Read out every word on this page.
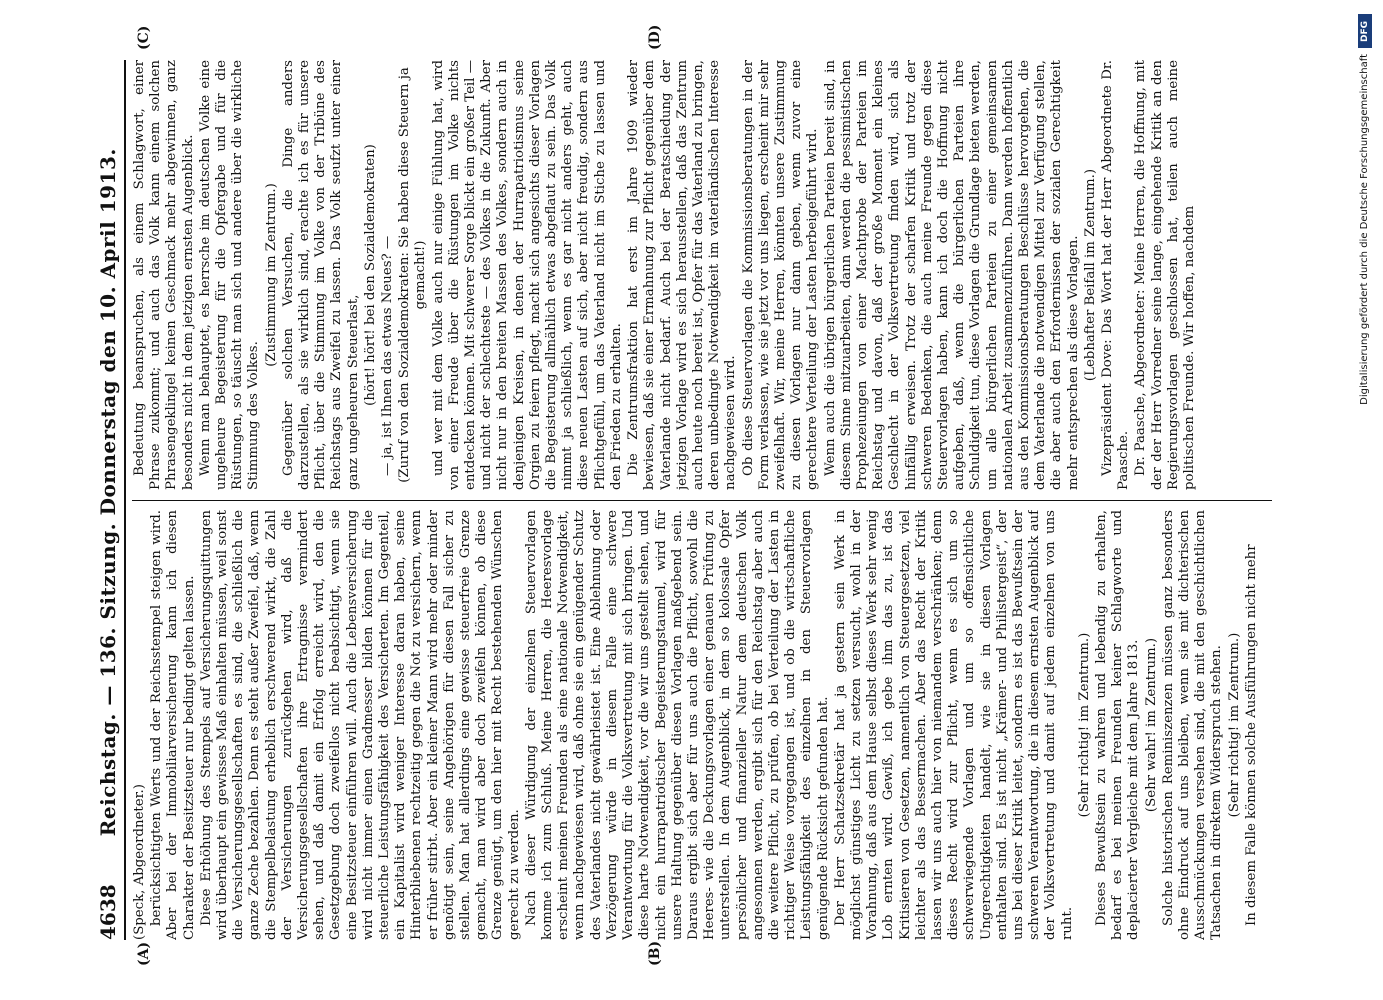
4638
Reichstag. — 136. Sitzung. Donnerstag den 10. April 1913.
(A)	(B)
(C)	(D)

(Speck, Abgeordneter.) berücksichtigten Werts und der Reichsstempel steigen wird. Aber bei der Immobiliarversicherung kann ich diesen Charakter der Besitzsteuer nur bedingt gelten lassen. Diese Erhöhung des Stempels auf Versicherungsquittungen wird überhaupt ein gewisses Maß einhalten müssen, weil sonst die Versicherungsgesellschaften es sind, die schließlich die ganze Zeche bezahlen. Denn es steht außer Zweifel, daß, wenn die Stempelbelastung erheblich erschwerend wirkt, die Zahl der Versicherungen zurückgehen wird, daß die Versicherungsgesellschaften ihre Ertragnisse vermindert sehen, und daß damit ein Erfolg erreicht wird, den die Gesetzgebung doch zweifellos nicht beabsichtigt, wenn sie eine Besitzsteuer einführen will. Auch die Lebensversicherung wird nicht immer einen Gradmesser bilden können für die steuerliche Leistungsfähigkeit des Versicherten. Im Gegenteil, ein Kapitalist wird weniger Interesse daran haben, seine Hinterbliebenen rechtzeitig gegen die Not zu versichern, wenn er früher stirbt. Aber ein kleiner Mann wird mehr oder minder genötigt sein, seine Angehörigen für diesen Fall sicher zu stellen. Man hat allerdings eine gewisse steuerfreie Grenze gemacht, man wird aber doch zweifeln können, ob diese Grenze genügt, um den hier mit Recht bestehenden Wünschen gerecht zu werden. Nach dieser Würdigung der einzelnen Steuervorlagen komme ich zum Schluß. Meine Herren, die Heeresvorlage erscheint meinen Freunden als eine nationale Notwendigkeit, wenn nachgewiesen wird, daß ohne sie ein genügender Schutz des Vaterlandes nicht gewährleistet ist. Eine Ablehnung oder Verzögerung würde in diesem Falle eine schwere Verantwortung für die Volksvertretung mit sich bringen. Und diese harte Notwendigkeit, vor die wir uns gestellt sehen, und nicht ein hurrapatriotischer Begeisterungstaumel, wird für unsere Haltung gegenüber diesen Vorlagen maßgebend sein. Daraus ergibt sich aber für uns auch die Pflicht, sowohl die Heeres- wie die Deckungsvorlagen einer genauen Prüfung zu unterstellen. In dem Augenblick, in dem so kolossale Opfer persönlicher und finanzieller Natur dem deutschen Volk angesonnen werden, ergibt sich für den Reichstag aber auch die weitere Pflicht, zu prüfen, ob bei Verteilung der Lasten in richtiger Weise vorgegangen ist, und ob die wirtschaftliche Leistungsfähigkeit des einzelnen in den Steuervorlagen genügende Rücksicht gefunden hat. Der Herr Schatzsekretär hat ja gestern sein Werk in möglichst günstiges Licht zu setzen versucht, wohl in der Vorahnung, daß aus dem Hause selbst dieses Werk sehr wenig Lob ernten wird. Gewiß, ich gebe ihm das zu, ist das Kritisieren von Gesetzen, namentlich von Steuergesetzen, viel leichter als das Bessermachen. Aber das Recht der Kritik lassen wir uns auch hier von niemandem verschränken; denn dieses Recht wird zur Pflicht, wenn es sich um so schwerwiegende Vorlagen und um so offensichtliche Ungerechtigkeiten handelt, wie sie in diesen Vorlagen enthalten sind. Es ist nicht „Krämer- und Philistergeist“, der uns bei dieser Kritik leitet, sondern es ist das Bewußtsein der schweren Verantwortung, die in diesem ernsten Augenblick auf der Volksvertretung und damit auf jedem einzelnen von uns ruht.

(Sehr richtig! im Zentrum.) Dieses Bewußtsein zu wahren und lebendig zu erhalten, bedarf es bei meinen Freunden keiner Schlagworte und deplacierter Vergleiche mit dem Jahre 1813. (Sehr wahr! im Zentrum.) Solche historischen Reminiszenzen müssen ganz besonders ohne Eindruck auf uns bleiben, wenn sie mit dichterischen Ausschmückungen versehen sind, die mit den geschichtlichen Tatsachen in direktem Widerspruch stehen. (Sehr richtig! im Zentrum.) In diesem Falle können solche Ausführungen nicht mehr

Bedeutung beanspruchen, als einem Schlagwort, einer Phrase zukommt; und auch das Volk kann einem solchen Phrasengeklingel keinen Geschmack mehr abgewinnen, ganz besonders nicht in dem jetzigen ernsten Augenblick. Wenn man behauptet, es herrsche im deutschen Volke eine ungeheure Begeisterung für die Opfergabe und für die Rüstungen, so täuscht man sich und andere über die wirkliche Stimmung des Volkes.

(Zustimmung im Zentrum.) Gegenüber solchen Versuchen, die Dinge anders darzustellen, als sie wirklich sind, erachte ich es für unsere Pflicht, über die Stimmung im Volke von der Tribüne des Reichstags aus Zweifel zu lassen. Das Volk seufzt unter einer ganz ungeheuren Steuerlast, (hört! hört! bei den Sozialdemokraten) — ja, ist Ihnen das etwas Neues? — (Zuruf von den Sozialdemokraten: Sie haben diese Steuern ja gemacht!) und wer mit dem Volke auch nur einige Fühlung hat, wird von einer Freude über die Rüstungen im Volke nichts entdecken können. Mit schwerer Sorge blickt ein großer Teil — und nicht der schlechteste — des Volkes in die Zukunft. Aber nicht nur in den breiten Massen des Volkes, sondern auch in denjenigen Kreisen, in denen der Hurrapatriotismus seine Orgien zu feiern pflegt, macht sich angesichts dieser Vorlagen die Begeisterung allmählich etwas abgeflaut zu sein. Das Volk nimmt ja schließlich, wenn es gar nicht anders geht, auch diese neuen Lasten auf sich, aber nicht freudig, sondern aus Pflichtgefühl, um das Vaterland nicht im Stiche zu lassen und den Frieden zu erhalten. Die Zentrumsfraktion hat erst im Jahre 1909 wieder bewiesen, daß sie einer Ermahnung zur Pflicht gegenüber dem Vaterlande nicht bedarf. Auch bei der Beratschiedung der jetzigen Vorlage wird es sich herausstellen, daß das Zentrum auch heute noch bereit ist, Opfer für das Vaterland zu bringen, deren unbedingte Notwendigkeit im vaterländischen Interesse nachgewiesen wird. Ob diese Steuervorlagen die Kommissionsberatungen in der Form verlassen, wie sie jetzt vor uns liegen, erscheint mir sehr zweifelhaft. Wir, meine Herren, könnten unsere Zustimmung zu diesen Vorlagen nur dann geben, wenn zuvor eine gerechtere Verteilung der Lasten herbeigeführt wird. Wenn auch die übrigen bürgerlichen Parteien bereit sind, in diesem Sinne mitzuarbeiten, dann werden die pessimistischen Prophezeiungen von einer Machtprobe der Parteien im Reichstag und davon, daß der große Moment ein kleines Geschlecht in der Volksvertretung finden wird, sich als hinfällig erweisen. Trotz der scharfen Kritik und trotz der schweren Bedenken, die auch meine Freunde gegen diese Steuervorlagen haben, kann ich doch die Hoffnung nicht aufgeben, daß, wenn die bürgerlichen Parteien ihre Schuldigkeit tun, diese Vorlagen die Grundlage bieten werden, um alle bürgerlichen Parteien zu einer gemeinsamen nationalen Arbeit zusammenzuführen. Dann werden hoffentlich aus den Kommissionsberatungen Beschlüsse hervorgehen, die dem Vaterlande die notwendigen Mittel zur Verfügung stellen, die aber auch den Erfordernissen der sozialen Gerechtigkeit mehr entsprechen als diese Vorlagen. (Lebhafter Beifall im Zentrum.) Vizepräsident Dove: Das Wort hat der Herr Abgeordnete Dr. Paasche. Dr. Paasche, Abgeordneter: Meine Herren, die Hoffnung, mit der der Herr Vorredner seine lange, eingehende Kritik an den Regierungsvorlagen geschlossen hat, teilen auch meine politischen Freunde. Wir hoffen, nachdem

DFG
Digitalisierung gefördert durch die Deutsche Forschungsgemeinschaft
